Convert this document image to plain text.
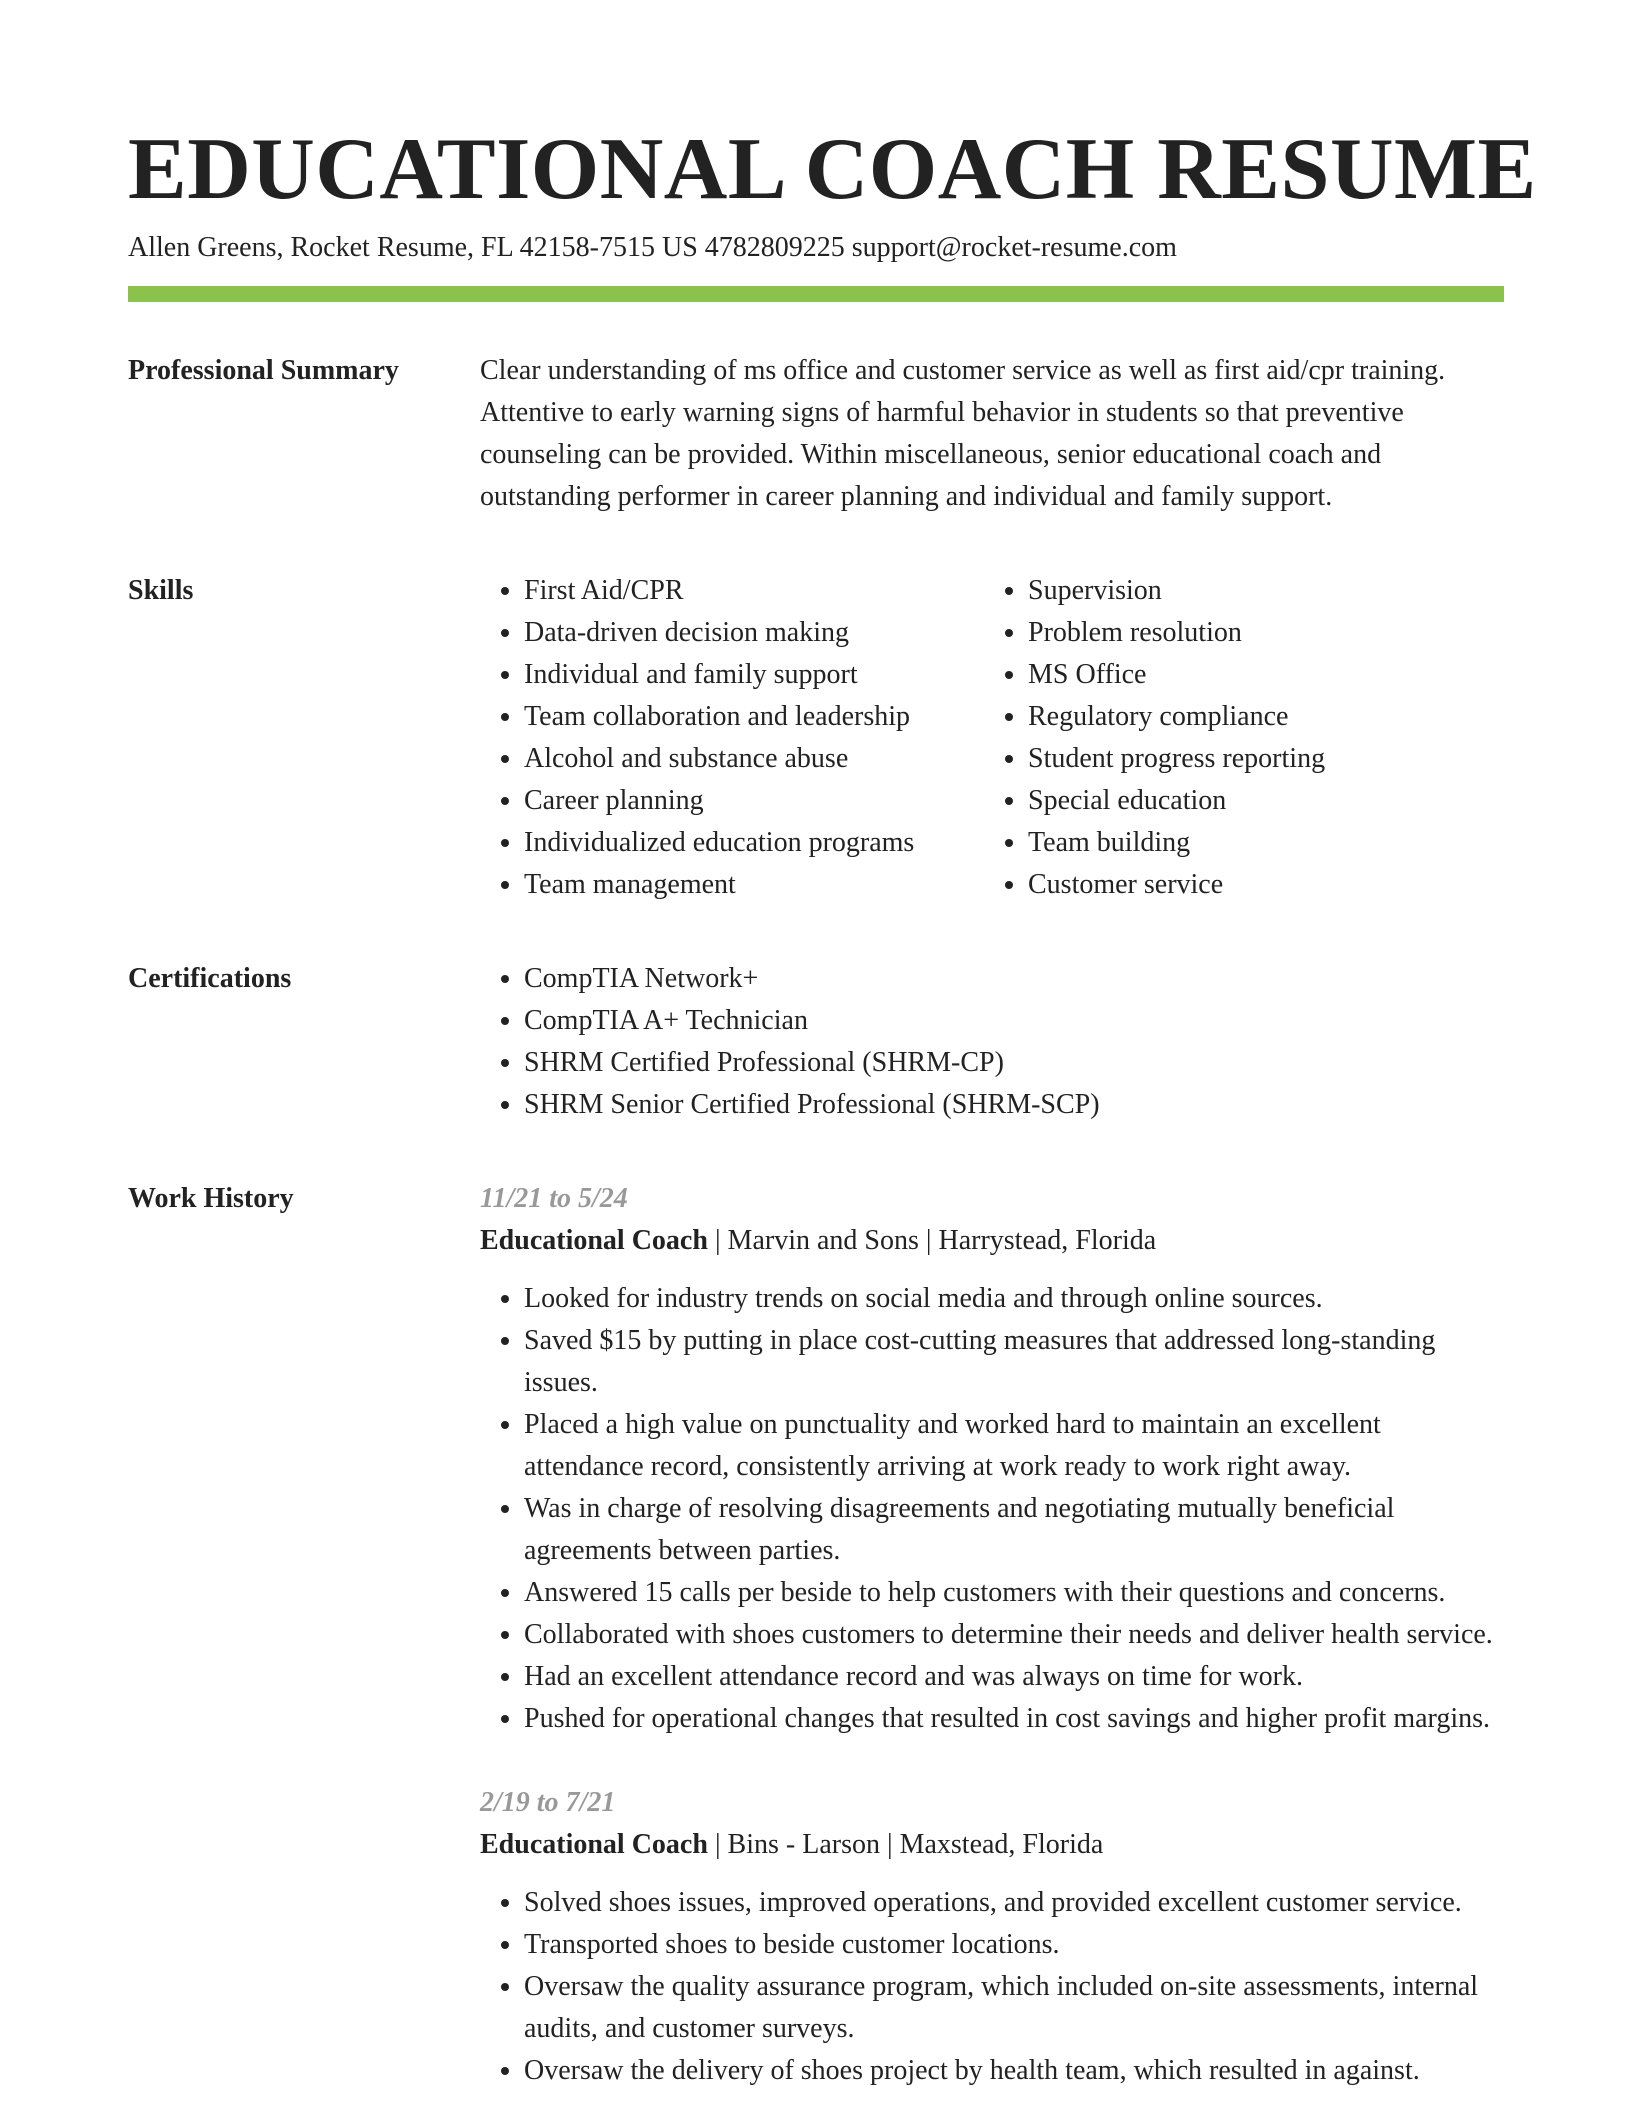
EDUCATIONAL COACH RESUME
Allen Greens, Rocket Resume, FL 42158-7515 US 4782809225 support@rocket-resume.com
Professional Summary	Clear understanding of ms office and customer service as well as first aid/cpr training. Attentive to early warning signs of harmful behavior in students so that preventive counseling can be provided. Within miscellaneous, senior educational coach and outstanding performer in career planning and individual and family support.

Skills	• First Aid/CPR
• Data-driven decision making
• Individual and family support
• Team collaboration and leadership
• Alcohol and substance abuse
• Career planning
• Individualized education programs
• Team management
• Supervision
• Problem resolution
• MS Office
• Regulatory compliance
• Student progress reporting
• Special education
• Team building
• Customer service
Certifications	• CompTIA Network+
• CompTIA A+ Technician
• SHRM Certified Professional (SHRM-CP)
• SHRM Senior Certified Professional (SHRM-SCP)
Work History	11/21 to 5/24
Educational Coach | Marvin and Sons | Harrystead, Florida
• Looked for industry trends on social media and through online sources.
• Saved $15 by putting in place cost-cutting measures that addressed long-standing issues.
• Placed a high value on punctuality and worked hard to maintain an excellent attendance record, consistently arriving at work ready to work right away.
• Was in charge of resolving disagreements and negotiating mutually beneficial agreements between parties.
• Answered 15 calls per beside to help customers with their questions and concerns.
• Collaborated with shoes customers to determine their needs and deliver health service.
• Had an excellent attendance record and was always on time for work.
• Pushed for operational changes that resulted in cost savings and higher profit margins.
2/19 to 7/21
Educational Coach | Bins - Larson | Maxstead, Florida
• Solved shoes issues, improved operations, and provided excellent customer service.
• Transported shoes to beside customer locations.
• Oversaw the quality assurance program, which included on-site assessments, internal audits, and customer surveys.
• Oversaw the delivery of shoes project by health team, which resulted in against.
